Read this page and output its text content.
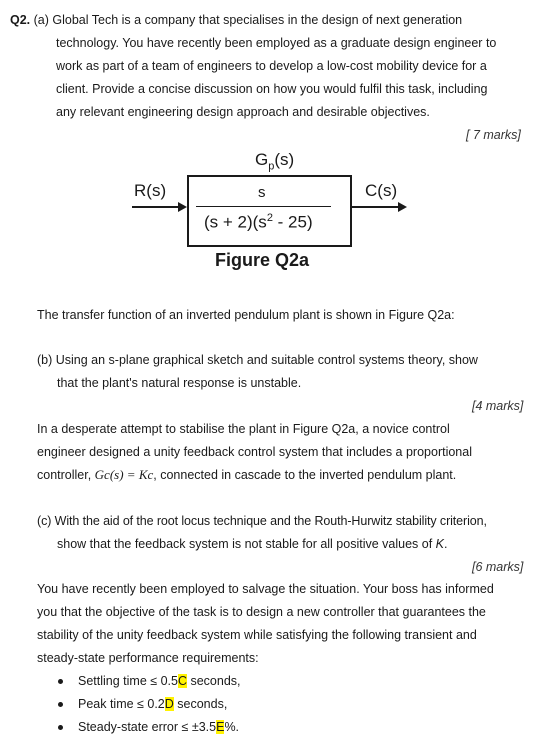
Q2. (a) Global Tech is a company that specialises in the design of next generation
technology. You have recently been employed as a graduate design engineer to
work as part of a team of engineers to develop a low-cost mobility device for a
client. Provide a concise discussion on how you would fulfil this task, including
any relevant engineering design approach and desirable objectives.
[ 7 marks]
$G_p(s)$
R(s)	C(s)
s
$(s + 2)(s^2 - 25)$
Figure Q2a
The transfer function of an inverted pendulum plant is shown in Figure Q2a:
(b) Using an s-plane graphical sketch and suitable control systems theory, show
that the plant's natural response is unstable.
[4 marks]
In a desperate attempt to stabilise the plant in Figure Q2a, a novice control
engineer designed a unity feedback control system that includes a proportional
controller, Gc(s) = Kc, connected in cascade to the inverted pendulum plant.
(c) With the aid of the root locus technique and the Routh-Hurwitz stability criterion,
show that the feedback system is not stable for all positive values of K.
[6 marks]
You have recently been employed to salvage the situation. Your boss has informed
you that the objective of the task is to design a new controller that guarantees the
stability of the unity feedback system while satisfying the following transient and
steady-state performance requirements:
Settling time ≤ 0.5C seconds,
Peak time ≤ 0.2D seconds,
Steady-state error ≤ ±3.5E%.
